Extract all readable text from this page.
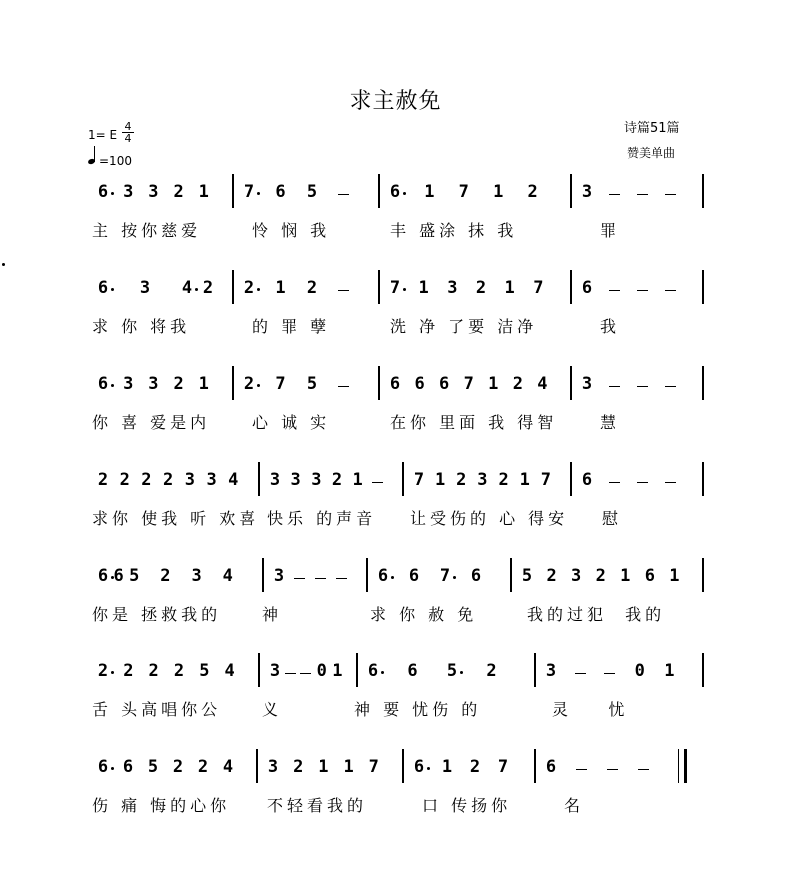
求主赦免
1= E
4
4
=100
诗篇51篇
赞美单曲
6 3 3 2 1 7 6 5	6 1 7 1 2	3
主 按你慈爱	怜 悯 我	丰 盛涂 抹 我	罪
6 3 4 2 2 1 2	7 1 3 2 1 7 6
求 你 将我	的 罪 孽	洗 净 了要 洁净	我
6 3 3 2 1 2 7 5	6 6 6 7 1 2 4 3
你 喜 爱是内	心 诚 实	在你 里面 我 得智	慧
2 2 2 2 3 3 4 3 3 3 2 1	7 1 2 3 2 1 7 6
求你 使我 听 欢喜 快乐 的声音 让受伤的 心 得安 慰
6 6 5 2 3 4 3	6 6 7 6 5 2 3 2 1 6 1
你是 拯救我的	神	求 你 赦 免	我的过犯  我的
2 2 2 2 5 4 3 0 1 6 6 5 2	3	0 1
舌 头高唱你公	义	神 要 忧伤 的	灵    忧
6 6 5 2 2 4 3 2 1 1 7 6 1 2 7 6
伤 痛 悔的心你 不轻看我的	口 传扬你	名
